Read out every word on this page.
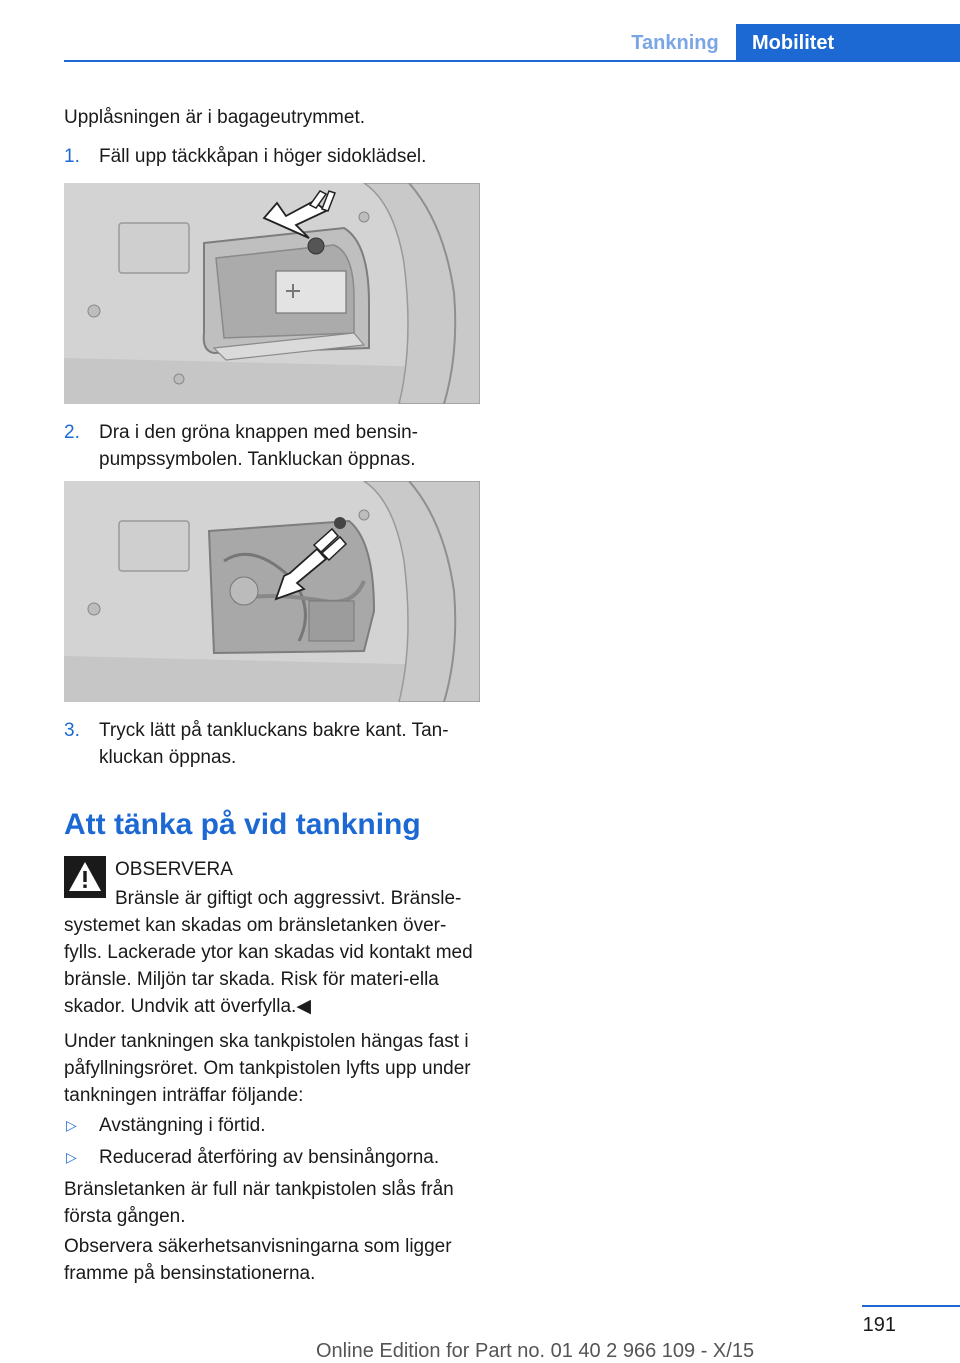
Tankning	Mobilitet
Upplåsningen är i bagageutrymmet.
1. Fäll upp täckkåpan i höger sidoklädsel.
2. Dra i den gröna knappen med bensin-pumpssymbolen. Tankluckan öppnas.
3. Tryck lätt på tankluckans bakre kant. Tan-kluckan öppnas.
Att tänka på vid tankning
OBSERVERA
Bränsle är giftigt och aggressivt. Bränsle-systemet kan skadas om bränsletanken över-fylls. Lackerade ytor kan skadas vid kontakt med bränsle. Miljön tar skada. Risk för materi-ella skador. Undvik att överfylla.◀
Under tankningen ska tankpistolen hängas fast i påfyllningsröret. Om tankpistolen lyfts upp under tankningen inträffar följande:
▷ Avstängning i förtid.
▷ Reducerad återföring av bensinångorna.
Bränsletanken är full när tankpistolen slås från första gången.
Observera säkerhetsanvisningarna som ligger framme på bensinstationerna.
191
Online Edition for Part no. 01 40 2 966 109 - X/15
